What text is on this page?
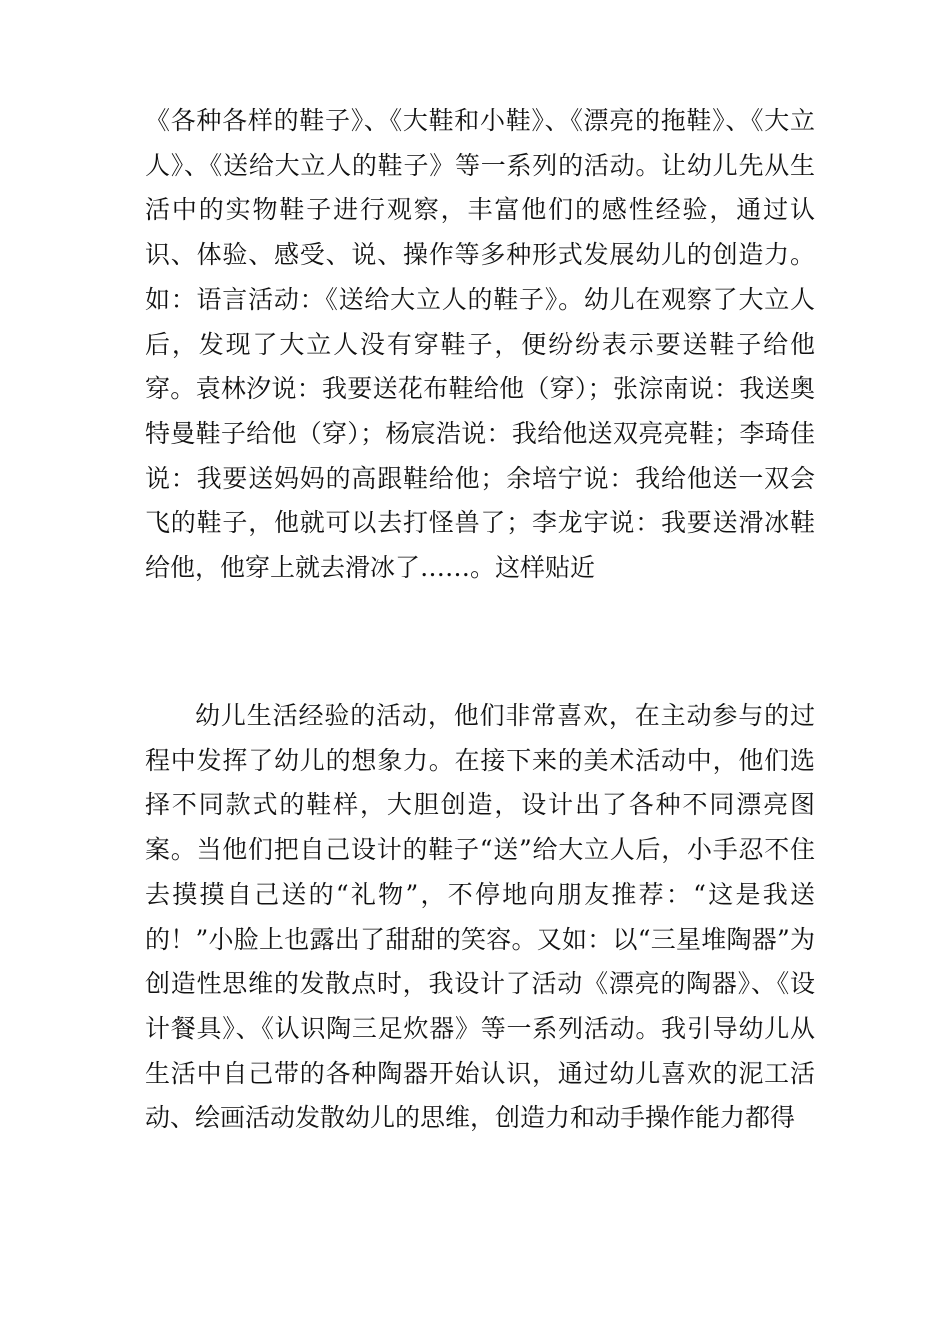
《各种各样的鞋子》、《大鞋和小鞋》、《漂亮的拖鞋》、《大立人》、《送给大立人的鞋子》等一系列的活动。让幼儿先从生活中的实物鞋子进行观察，丰富他们的感性经验，通过认识、体验、感受、说、操作等多种形式发展幼儿的创造力。如：语言活动：《送给大立人的鞋子》。幼儿在观察了大立人后，发现了大立人没有穿鞋子，便纷纷表示要送鞋子给他穿。袁林汐说：我要送花布鞋给他（穿）；张淙南说：我送奥特曼鞋子给他（穿）；杨宸浩说：我给他送双亮亮鞋；李琦佳说：我要送妈妈的高跟鞋给他；余培宁说：我给他送一双会飞的鞋子，他就可以去打怪兽了；李龙宇说：我要送滑冰鞋给他，他穿上就去滑冰了……。这样贴近

幼儿生活经验的活动，他们非常喜欢，在主动参与的过程中发挥了幼儿的想象力。在接下来的美术活动中，他们选择不同款式的鞋样，大胆创造，设计出了各种不同漂亮图案。当他们把自己设计的鞋子“送”给大立人后，小手忍不住去摸摸自己送的“礼物”，不停地向朋友推荐：“这是我送的！”小脸上也露出了甜甜的笑容。又如：以“三星堆陶器”为创造性思维的发散点时，我设计了活动《漂亮的陶器》、《设计餐具》、《认识陶三足炊器》等一系列活动。我引导幼儿从生活中自己带的各种陶器开始认识，通过幼儿喜欢的泥工活动、绘画活动发散幼儿的思维，创造力和动手操作能力都得
